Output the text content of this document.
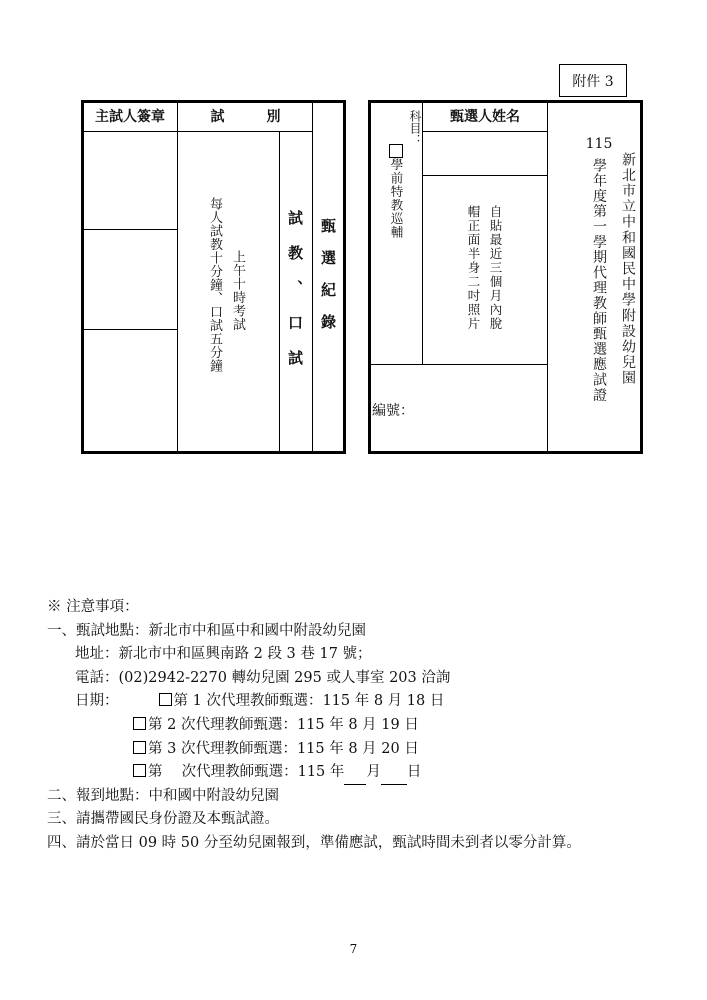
附件 3
主試人簽章	試　　　別
每人試教十分鐘、口試五分鐘 上午十時考試	試教、口試 甄選紀錄
科目：
學前特教巡輔
甄選人姓名
自貼最近三個月內脫
帽正面半身二吋照片
編號：
新北市立中和國民中學附設幼兒園
115
學年度第一學期代理教師甄選應試證
※ 注意事項：
一、甄試地點：新北市中和區中和國中附設幼兒園
地址：新北市中和區興南路 2 段 3 巷 17 號；
電話：(02)2942-2270 轉幼兒園 295 或人事室 203 洽詢
日期：	第 1 次代理教師甄選：115 年 8 月 18 日
第 2 次代理教師甄選：115 年 8 月 19 日
第 3 次代理教師甄選：115 年 8 月 20 日
第　 次代理教師甄選：115 年 月 日
二、報到地點：中和國中附設幼兒園
三、請攜帶國民身份證及本甄試證。
四、請於當日 09 時 50 分至幼兒園報到，準備應試，甄試時間未到者以零分計算。
7
